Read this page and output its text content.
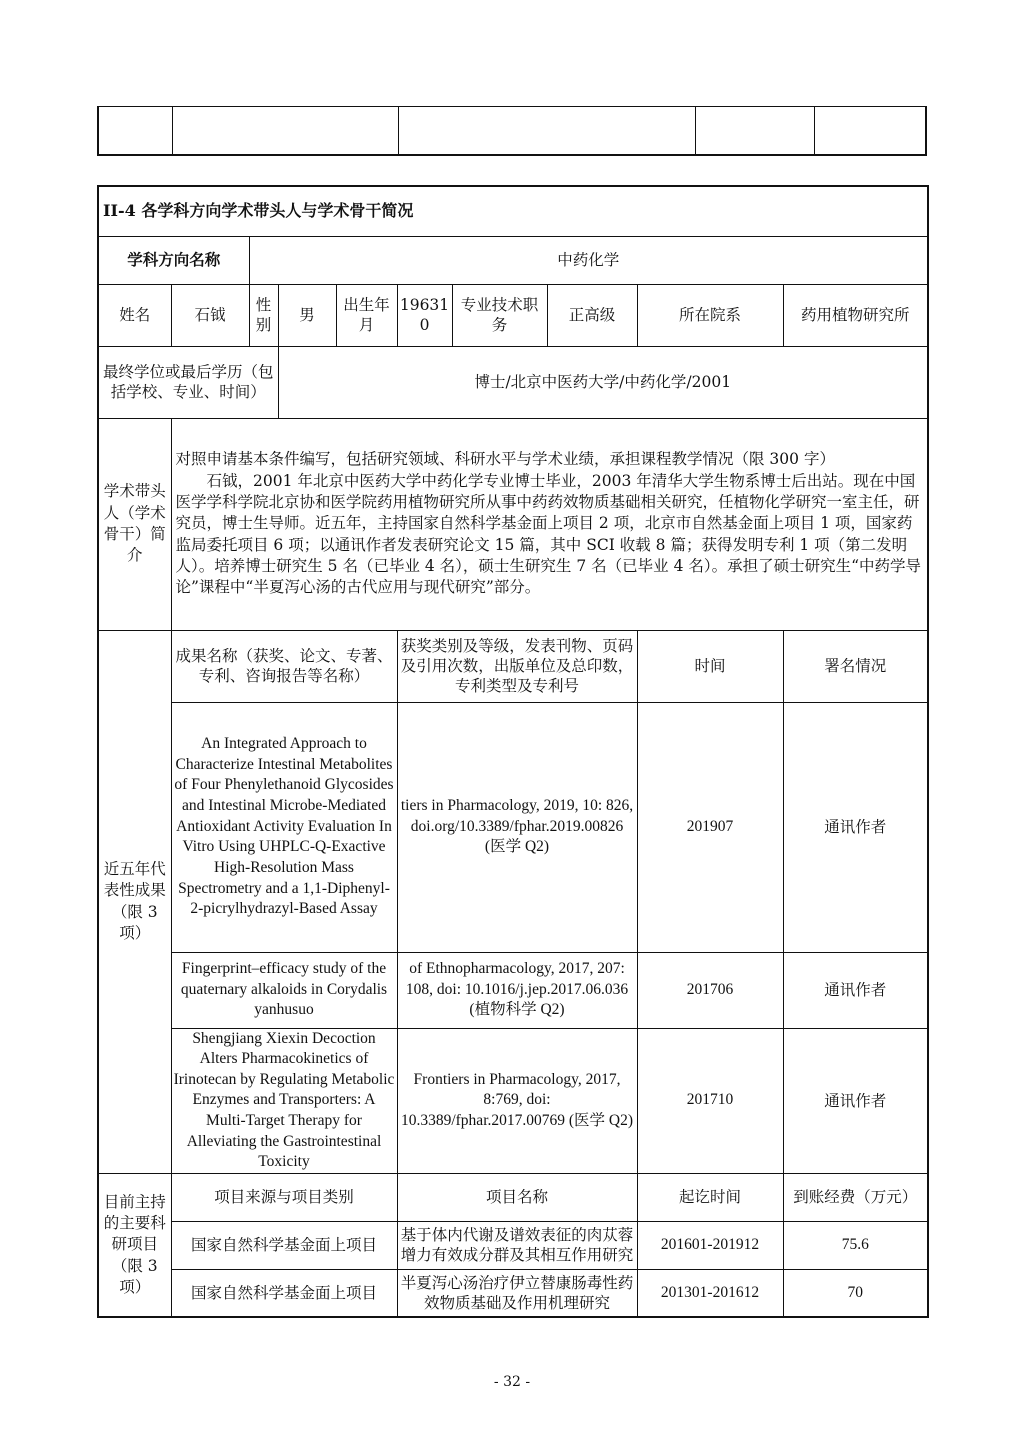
II-4 各学科方向学术带头人与学术骨干简况									
学科方向名称		中药化学							
姓名	石钺	性别	男	出生年月	196310	专业技术职务	正高级	所在院系	药用植物研究所
最终学位或最后学历（包括学校、专业、时间）			博士/北京中医药大学/中药化学/2001						
学术带头人（学术骨干）简介	对照申请基本条件编写，包括研究领域、科研水平与学术业绩，承担课程教学情况（限 300 字）

石钺，2001 年北京中医药大学中药化学专业博士毕业，2003 年清华大学生物系博士后出站。现在中国医学学科学院北京协和医学院药用植物研究所从事中药药效物质基础相关研究，任植物化学研究一室主任，研究员，博士生导师。近五年，主持国家自然科学基金面上项目 2 项，北京市自然基金面上项目 1 项，国家药监局委托项目 6 项；以通讯作者发表研究论文 15 篇，其中 SCI 收载 8 篇；获得发明专利 1 项（第二发明人）。培养博士研究生 5 名（已毕业 4 名），硕士生研究生 7 名（已毕业 4 名）。承担了硕士研究生“中药学导论”课程中“半夏泻心汤的古代应用与现代研究”部分。								

近五年代表性成果（限 3 项）	成果名称（获奖、论文、专著、专利、咨询报告等名称）				获奖类别及等级，发表刊物、页码及引用次数，出版单位及总印数，专利类型及专利号			时间	署名情况
	An Integrated Approach to Characterize Intestinal Metabolites of Four Phenylethanoid Glycosides and Intestinal Microbe-Mediated Antioxidant Activity Evaluation In Vitro Using UHPLC-Q-Exactive High-Resolution Mass Spectrometry and a 1,1-Diphenyl-2-picrylhydrazyl-Based Assay				tiers in Pharmacology, 2019, 10: 826, doi.org/10.3389/fphar.2019.00826 (医学 Q2)			201907	通讯作者
	Fingerprint–efficacy study of the quaternary alkaloids in Corydalis yanhusuo				of Ethnopharmacology, 2017, 207: 108, doi: 10.1016/j.jep.2017.06.036 (植物科学 Q2)			201706	通讯作者
	Shengjiang Xiexin Decoction Alters Pharmacokinetics of Irinotecan by Regulating Metabolic Enzymes and Transporters: A Multi-Target Therapy for Alleviating the Gastrointestinal Toxicity				Frontiers in Pharmacology, 2017, 8:769, doi: 10.3389/fphar.2017.00769 (医学 Q2)			201710	通讯作者
目前主持的主要科研项目（限 3 项）	项目来源与项目类别				项目名称			起讫时间	到账经费（万元）
	国家自然科学基金面上项目				基于体内代谢及谱效表征的肉苁蓉增力有效成分群及其相互作用研究			201601-201912	75.6
	国家自然科学基金面上项目				半夏泻心汤治疗伊立替康肠毒性药效物质基础及作用机理研究			201301-201612	70
- 32 -
